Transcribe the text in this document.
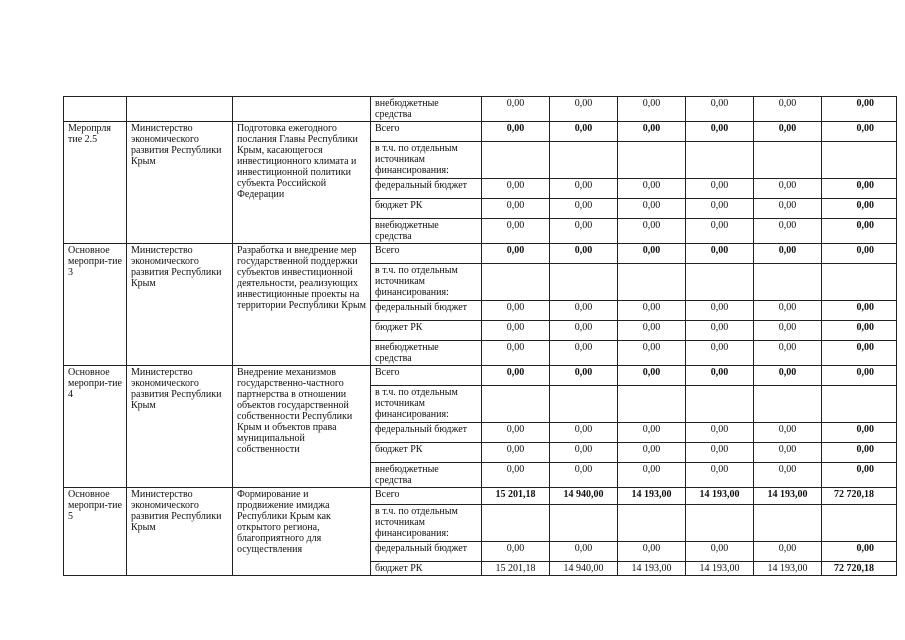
			внебюджетные средства	0,00	0,00	0,00	0,00	0,00	0,00
Меропрля тие 2.5	Министерство экономического развития Республики Крым	Подготовка ежегодного послания Главы Республики Крым, касающегося инвестиционного климата и инвестиционной политики субъекта Российской Федерации	Всего	0,00	0,00	0,00	0,00	0,00	0,00
			в т.ч. по отдельным источникам финансирования:						
			федеральный бюджет	0,00	0,00	0,00	0,00	0,00	0,00
			бюджет РК	0,00	0,00	0,00	0,00	0,00	0,00
			внебюджетные средства	0,00	0,00	0,00	0,00	0,00	0,00
Основное меропри-тие 3	Министерство экономического развития Республики Крым	Разработка и внедрение мер государственной поддержки субъектов инвестиционной деятельности, реализующих инвестиционные проекты на территории Республики Крым	Всего	0,00	0,00	0,00	0,00	0,00	0,00
			в т.ч. по отдельным источникам финансирования:						
			федеральный бюджет	0,00	0,00	0,00	0,00	0,00	0,00
			бюджет РК	0,00	0,00	0,00	0,00	0,00	0,00
			внебюджетные средства	0,00	0,00	0,00	0,00	0,00	0,00
Основное меропри-тие 4	Министерство экономического развития Республики Крым	Внедрение механизмов государственно-частного партнерства в отношении объектов государственной собственности Республики Крым и объектов права муниципальной собственности	Всего	0,00	0,00	0,00	0,00	0,00	0,00
			в т.ч. по отдельным источникам финансирования:						
			федеральный бюджет	0,00	0,00	0,00	0,00	0,00	0,00
			бюджет РК	0,00	0,00	0,00	0,00	0,00	0,00
			внебюджетные средства	0,00	0,00	0,00	0,00	0,00	0,00
Основное меропри-тие 5	Министерство экономического развития Республики Крым	Формирование и продвижение имиджа Республики Крым как открытого региона, благоприятного для осуществления	Всего	15 201,18	14 940,00	14 193,00	14 193,00	14 193,00	72 720,18
			в т.ч. по отдельным источникам финансирования:						
			федеральный бюджет	0,00	0,00	0,00	0,00	0,00	0,00
			бюджет РК	15 201,18	14 940,00	14 193,00	14 193,00	14 193,00	72 720,18
